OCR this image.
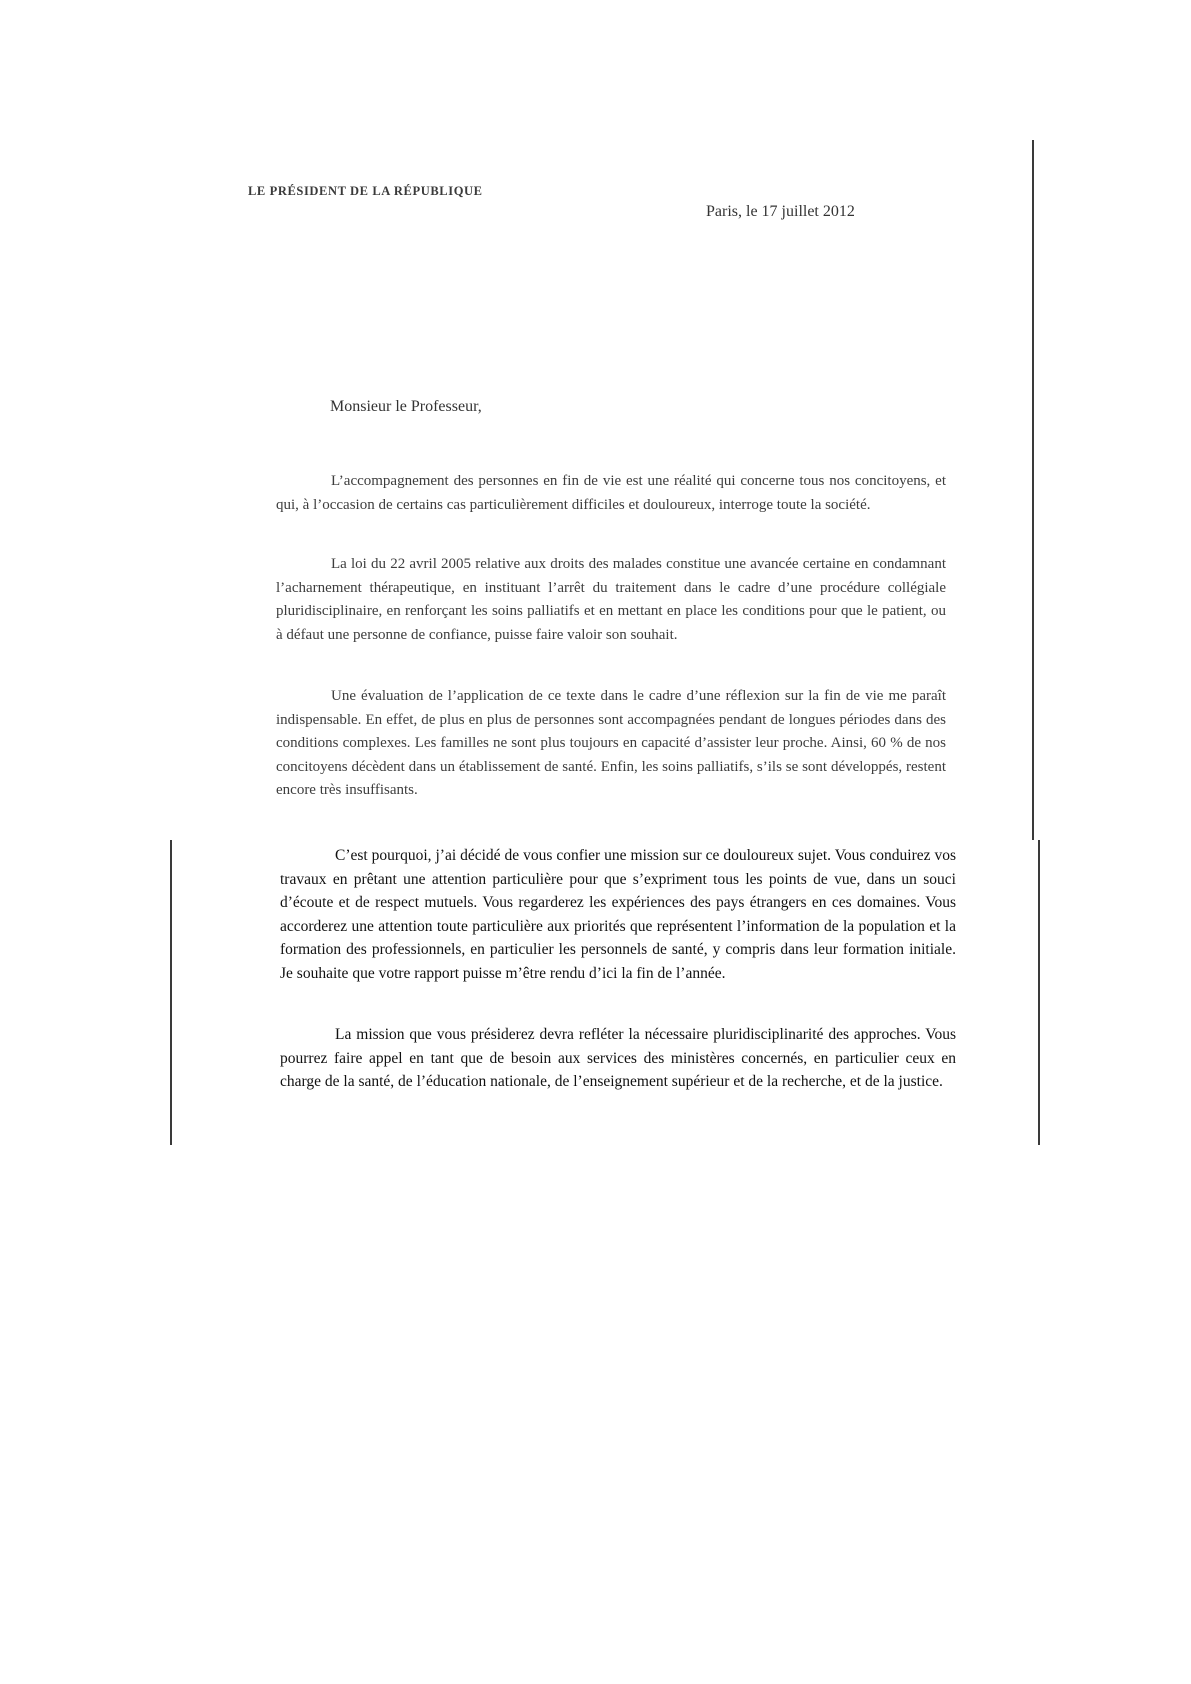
LE PRÉSIDENT DE LA RÉPUBLIQUE
Paris, le 17 juillet 2012
Monsieur le Professeur,

L’accompagnement des personnes en fin de vie est une réalité qui concerne tous nos concitoyens, et qui, à l’occasion de certains cas particulièrement difficiles et douloureux, interroge toute la société.

La loi du 22 avril 2005 relative aux droits des malades constitue une avancée certaine en condamnant l’acharnement thérapeutique, en instituant l’arrêt du traitement dans le cadre d’une procédure collégiale pluridisciplinaire, en renforçant les soins palliatifs et en mettant en place les conditions pour que le patient, ou à défaut une personne de confiance, puisse faire valoir son souhait.

Une évaluation de l’application de ce texte dans le cadre d’une réflexion sur la fin de vie me paraît indispensable. En effet, de plus en plus de personnes sont accompagnées pendant de longues périodes dans des conditions complexes. Les familles ne sont plus toujours en capacité d’assister leur proche. Ainsi, 60 % de nos concitoyens décèdent dans un établissement de santé. Enfin, les soins palliatifs, s’ils se sont développés, restent encore très insuffisants.

C’est pourquoi, j’ai décidé de vous confier une mission sur ce douloureux sujet. Vous conduirez vos travaux en prêtant une attention particulière pour que s’expriment tous les points de vue, dans un souci d’écoute et de respect mutuels. Vous regarderez les expériences des pays étrangers en ces domaines. Vous accorderez une attention toute particulière aux priorités que représentent l’information de la population et la formation des professionnels, en particulier les personnels de santé, y compris dans leur formation initiale. Je souhaite que votre rapport puisse m’être rendu d’ici la fin de l’année.

La mission que vous présiderez devra refléter la nécessaire pluridisciplinarité des approches. Vous pourrez faire appel en tant que de besoin aux services des ministères concernés, en particulier ceux en charge de la santé, de l’éducation nationale, de l’enseignement supérieur et de la recherche, et de la justice.
